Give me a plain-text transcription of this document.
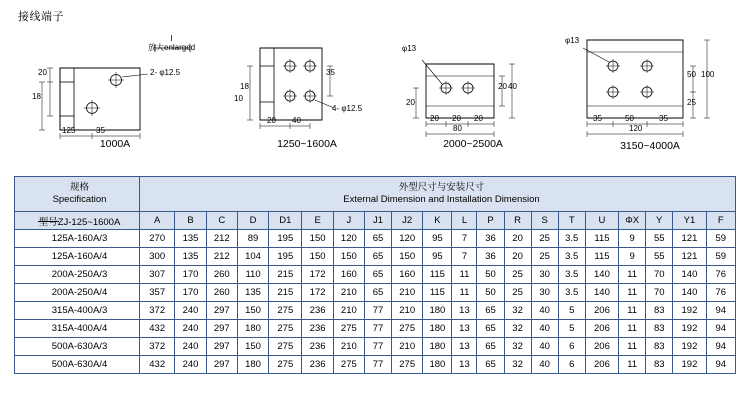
接线端子
I
放大enlarged
2- φ12.5
20
18
125	35
1000A
35
18
10
20 40
4- φ12.5
1250~1600A
φ13
20
20 40
20 20 20
80
2000~2500A
φ13
50
25
100
35	50	35
120
3150~4000A
规格
Specification

外型尺寸与安装尺寸
External Dimension and Installation Dimension

型号ZJ-125~1600A	A	B	C	D	D1	E	J	J1	J2	K	L	P	R	S	T	U	ΦX	Y	Y1	F
125A-160A/3	270	135	212	89	195	150	120	65	120	95	7	36	20	25	3.5	115	9	55	121	59
125A-160A/4	300	135	212	104	195	150	150	65	150	95	7	36	20	25	3.5	115	9	55	121	59
200A-250A/3	307	170	260	110	215	172	160	65	160	115	11	50	25	30	3.5	140	11	70	140	76
200A-250A/4	357	170	260	135	215	172	210	65	210	115	11	50	25	30	3.5	140	11	70	140	76
315A-400A/3	372	240	297	150	275	236	210	77	210	180	13	65	32	40	5	206	11	83	192	94
315A-400A/4	432	240	297	180	275	236	275	77	275	180	13	65	32	40	5	206	11	83	192	94
500A-630A/3	372	240	297	150	275	236	210	77	210	180	13	65	32	40	6	206	11	83	192	94
500A-630A/4	432	240	297	180	275	236	275	77	275	180	13	65	32	40	6	206	11	83	192	94
